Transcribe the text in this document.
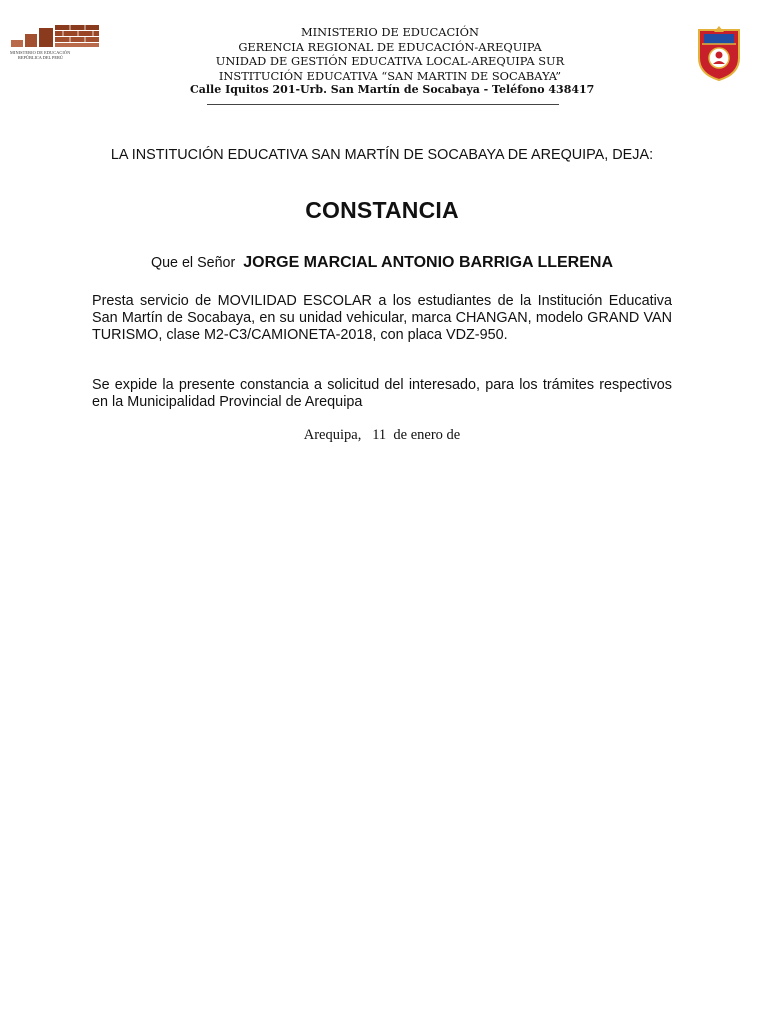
MINISTERIO DE EDUCACIÓN
REPÚBLICA DEL PERÚ
MINISTERIO DE EDUCACIÓN
GERENCIA REGIONAL DE EDUCACIÓN-AREQUIPA
UNIDAD DE GESTIÓN EDUCATIVA LOCAL-AREQUIPA SUR
INSTITUCIÓN EDUCATIVA “SAN MARTIN DE SOCABAYA”
Calle Iquitos 201-Urb. San Martín de Socabaya - Teléfono 438417
LA INSTITUCIÓN EDUCATIVA SAN MARTÍN DE SOCABAYA DE AREQUIPA, DEJA:
CONSTANCIA
Que el Señor JORGE MARCIAL ANTONIO BARRIGA LLERENA
Presta servicio de MOVILIDAD ESCOLAR a los estudiantes de la Institución Educativa San Martín de Socabaya, en su unidad vehicular, marca CHANGAN, modelo GRAND VAN TURISMO, clase M2-C3/CAMIONETA-2018, con placa VDZ-950.
Se expide la presente constancia a solicitud del interesado, para los trámites respectivos en la Municipalidad Provincial de Arequipa
Arequipa,   11  de enero de
